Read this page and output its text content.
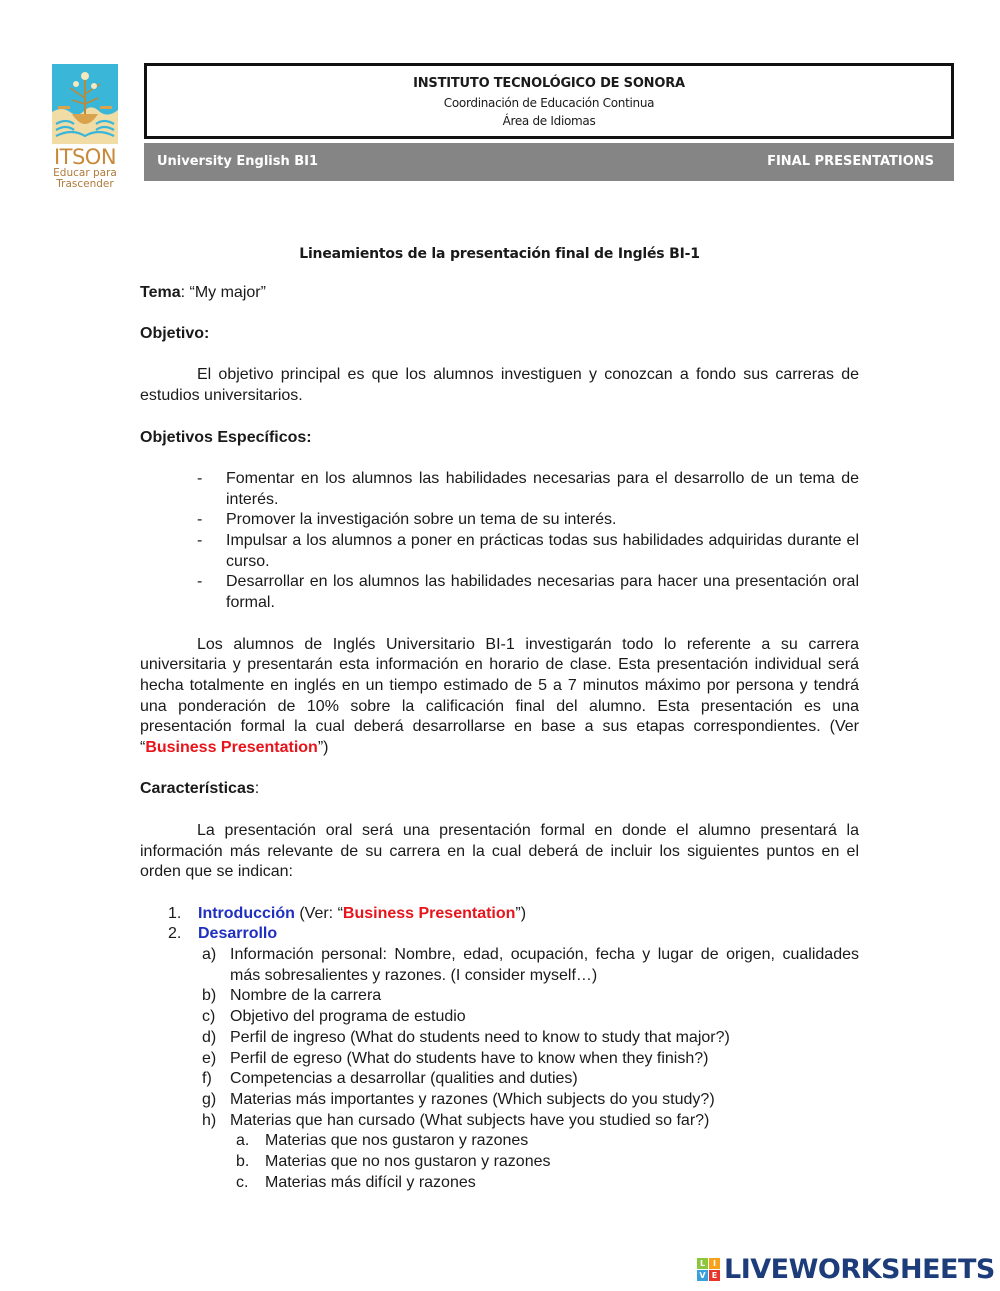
ITSON
Educar para
Trascender
INSTITUTO TECNOLÓGICO DE SONORA
Coordinación de Educación Continua
Área de Idiomas
University English BI1	FINAL PRESENTATIONS
Lineamientos de la presentación final de Inglés BI-1

Tema: “My major”

Objetivo:

El objetivo principal es que los alumnos investiguen y conozcan a fondo sus carreras de estudios universitarios.

Objetivos Específicos:

- Fomentar en los alumnos las habilidades necesarias para el desarrollo de un tema de interés.
- Promover la investigación sobre un tema de su interés.
- Impulsar a los alumnos a poner en prácticas todas sus habilidades adquiridas durante el curso.
- Desarrollar en los alumnos las habilidades necesarias para hacer una presentación oral formal.

Los alumnos de Inglés Universitario BI-1 investigarán todo lo referente a su carrera universitaria y presentarán esta información en horario de clase. Esta presentación individual será hecha totalmente en inglés en un tiempo estimado de 5 a 7 minutos máximo por persona y tendrá una ponderación de 10% sobre la calificación final del alumno. Esta presentación es una presentación formal la cual deberá desarrollarse en base a sus etapas correspondientes. (Ver “Business Presentation”)

Características:

La presentación oral será una presentación formal en donde el alumno presentará la información más relevante de su carrera en la cual deberá de incluir los siguientes puntos en el orden que se indican:

1. Introducción (Ver: “Business Presentation”)
2. Desarrollo
a) Información personal: Nombre, edad, ocupación, fecha y lugar de origen, cualidades más sobresalientes y razones. (I consider myself…)
b) Nombre de la carrera
c) Objetivo del programa de estudio
d) Perfil de ingreso (What do students need to know to study that major?)
e) Perfil de egreso (What do students have to know when they finish?)
f) Competencias a desarrollar (qualities and duties)
g) Materias más importantes y razones (Which subjects do you study?)
h) Materias que han cursado (What subjects have you studied so far?)
a. Materias que nos gustaron y razones
b. Materias que no nos gustaron y razones
c. Materias más difícil y razones
L I
V E LIVEWORKSHEETS
